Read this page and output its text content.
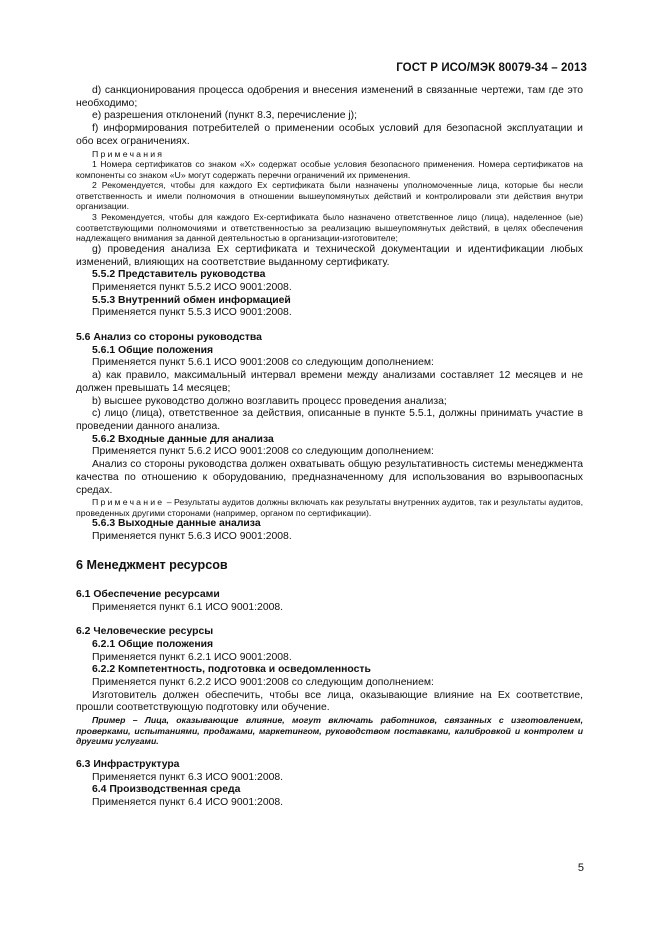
ГОСТ Р ИСО/МЭК 80079-34 – 2013

d) санкционирования процесса одобрения и внесения изменений в связанные чертежи, там где это необходимо;

e) разрешения отклонений (пункт 8.3, перечисление j);

f) информирования потребителей о применении особых условий для безопасной эксплуатации и обо всех ограничениях.

Примечания

1 Номера сертификатов со знаком «X» содержат особые условия безопасного применения. Номера сертификатов на компоненты со знаком «U» могут содержать перечни ограничений их применения.

2 Рекомендуется, чтобы для каждого Ex сертификата были назначены уполномоченные лица, которые бы несли ответственность и имели полномочия в отношении вышеупомянутых действий и контролировали эти действия внутри организации.

3 Рекомендуется, чтобы для каждого Ex-сертификата было назначено ответственное лицо (лица), наделенное (ые) соответствующими полномочиями и ответственностью за реализацию вышеупомянутых действий, в целях обеспечения надлежащего внимания за данной деятельностью в организации-изготовителе;

g) проведения анализа Ex сертификата и технической документации и идентификации любых изменений, влияющих на соответствие выданному сертификату.

5.5.2 Представитель руководства

Применяется пункт 5.5.2 ИСО 9001:2008.

5.5.3 Внутренний обмен информацией

Применяется пункт 5.5.3 ИСО 9001:2008.

5.6 Анализ со стороны руководства

5.6.1 Общие положения

Применяется пункт 5.6.1 ИСО 9001:2008 со следующим дополнением:

а) как правило, максимальный интервал времени между анализами составляет 12 месяцев и не должен превышать 14 месяцев;

b) высшее руководство должно возглавить процесс проведения анализа;

c) лицо (лица), ответственное за действия, описанные в пункте 5.5.1, должны принимать участие в проведении данного анализа.

5.6.2 Входные данные для анализа

Применяется пункт 5.6.2 ИСО 9001:2008 со следующим дополнением:

Анализ со стороны руководства должен охватывать общую результативность системы менеджмента качества по отношению к оборудованию, предназначенному для использования во взрывоопасных средах.

Примечание – Результаты аудитов должны включать как результаты внутренних аудитов, так и результаты аудитов, проведенных другими сторонами (например, органом по сертификации).

5.6.3 Выходные данные анализа

Применяется пункт 5.6.3 ИСО 9001:2008.

6 Менеджмент ресурсов

6.1 Обеспечение ресурсами

Применяется пункт 6.1 ИСО 9001:2008.

6.2 Человеческие ресурсы

6.2.1 Общие положения

Применяется пункт 6.2.1 ИСО 9001:2008.

6.2.2 Компетентность, подготовка и осведомленность

Применяется пункт 6.2.2 ИСО 9001:2008 со следующим дополнением:

Изготовитель должен обеспечить, чтобы все лица, оказывающие влияние на Ex соответствие, прошли соответствующую подготовку или обучение.

Пример – Лица, оказывающие влияние, могут включать работников, связанных с изготовлением, проверками, испытаниями, продажами, маркетингом, руководством поставками, калибровкой и контролем и другими услугами.

6.3 Инфраструктура

Применяется пункт 6.3 ИСО 9001:2008.

6.4 Производственная среда

Применяется пункт 6.4 ИСО 9001:2008.

5
